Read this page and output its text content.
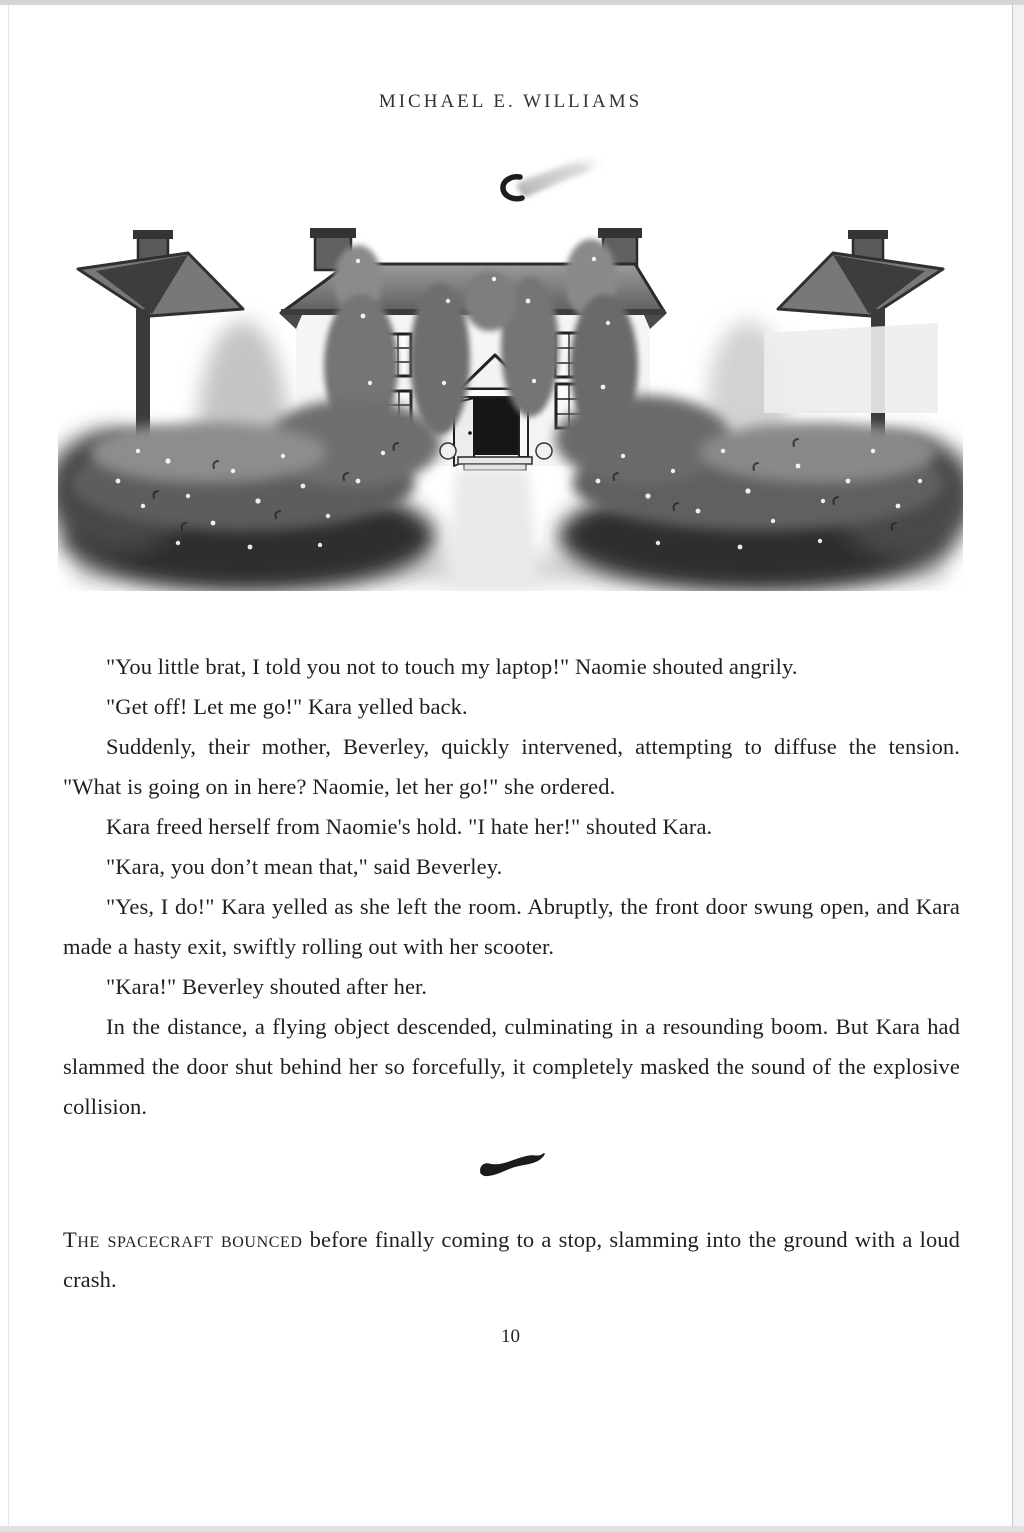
MICHAEL E. WILLIAMS

"You little brat, I told you not to touch my laptop!" Naomie shouted angrily.

"Get off! Let me go!" Kara yelled back.

Suddenly, their mother, Beverley, quickly intervened, attempting to diffuse the tension. "What is going on in here? Naomie, let her go!" she ordered.

Kara freed herself from Naomie's hold. "I hate her!" shouted Kara.

"Kara, you don’t mean that," said Beverley.

"Yes, I do!" Kara yelled as she left the room. Abruptly, the front door swung open, and Kara made a hasty exit, swiftly rolling out with her scooter.

"Kara!" Beverley shouted after her.

In the distance, a flying object descended, culminating in a resounding boom. But Kara had slammed the door shut behind her so forcefully, it completely masked the sound of the explosive collision.

The spacecraft bounced before finally coming to a stop, slamming into the ground with a loud crash.

10
